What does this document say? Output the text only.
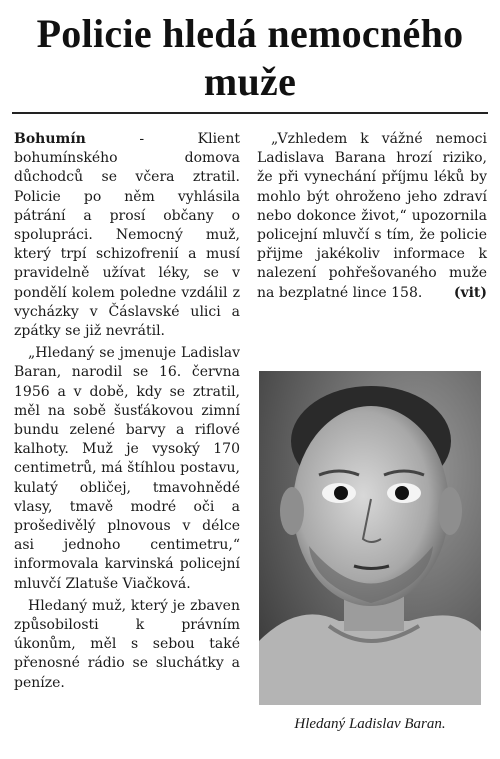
Policie hledá nemocného muže

Bohumín - Klient bohumínského domova důchodců se včera ztratil. Policie po něm vyhlásila pátrání a prosí občany o spolupráci. Nemocný muž, který trpí schizofrenií a musí pravidelně užívat léky, se v pondělí kolem poledne vzdálil z vycházky v Čáslavské ulici a zpátky se již nevrátil.

„Hledaný se jmenuje Ladislav Baran, narodil se 16. června 1956 a v době, kdy se ztratil, měl na sobě šusťákovou zimní bundu zelené barvy a riflové kalhoty. Muž je vysoký 170 centimetrů, má štíhlou postavu, kulatý obličej, tmavohnědé vlasy, tmavě modré oči a prošedivělý plnovous v délce asi jednoho centimetru,“ informovala karvinská policejní mluvčí Zlatuše Viačková.

Hledaný muž, který je zbaven způsobilosti k právním úkonům, měl s sebou také přenosné rádio se sluchátky a peníze.

„Vzhledem k vážné nemoci Ladislava Barana hrozí riziko, že při vynechání příjmu léků by mohlo být ohroženo jeho zdraví nebo dokonce život,“ upozornila policejní mluvčí s tím, že policie přijme jakékoliv informace k nalezení pohřešovaného muže na bezplatné lince 158.	(vit)

Hledaný Ladislav Baran.
